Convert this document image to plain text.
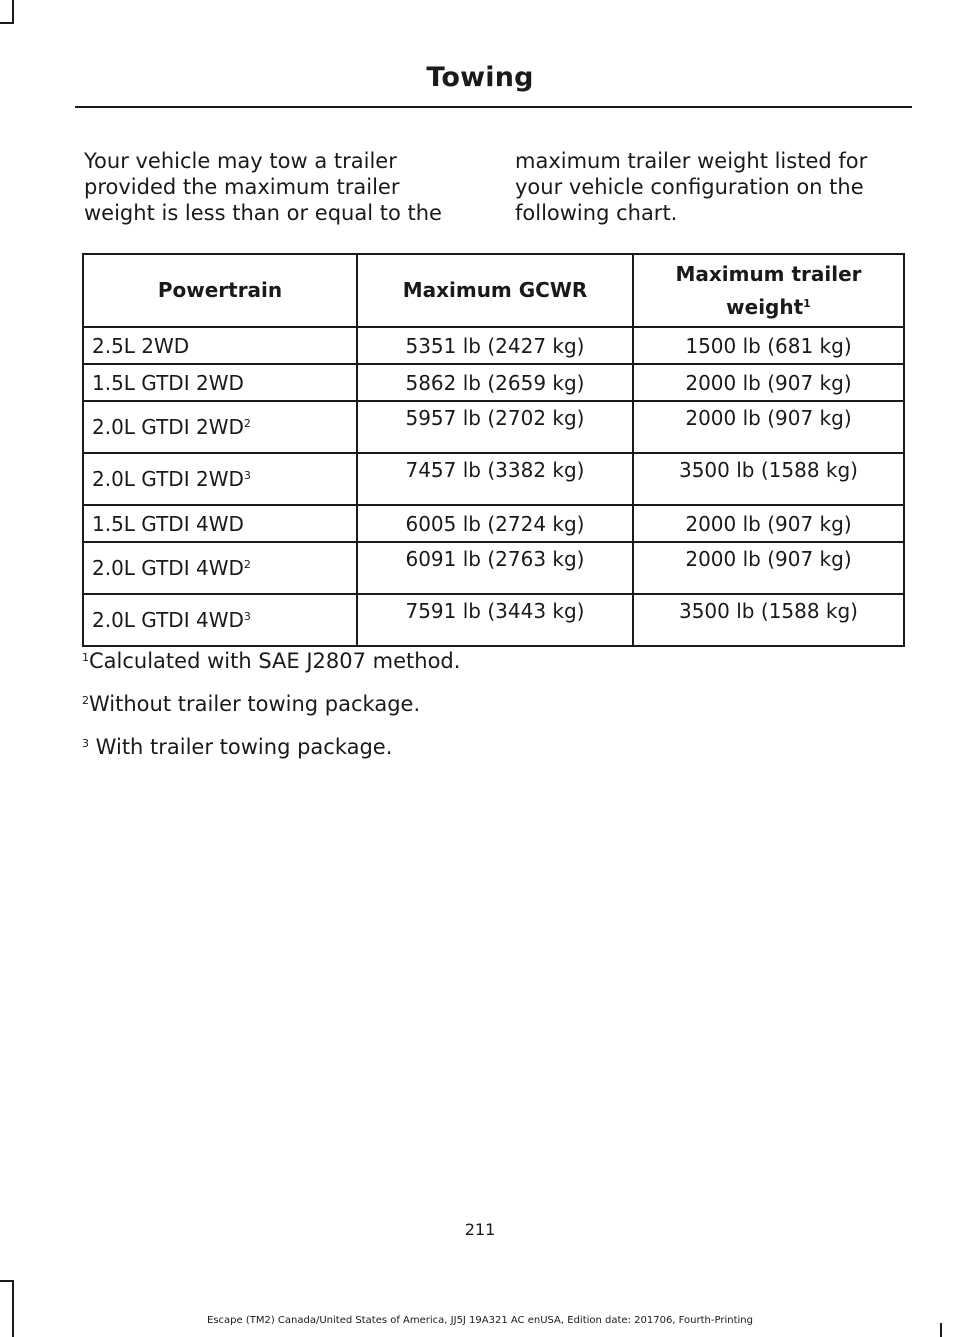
Towing

Your vehicle may tow a trailer provided the maximum trailer weight is less than or equal to the

maximum trailer weight listed for your vehicle configuration on the following chart.

Powertrain	Maximum GCWR	Maximum trailer weight$^1$
2.5L 2WD	5351 lb (2427 kg)	1500 lb (681 kg)
1.5L GTDI 2WD	5862 lb (2659 kg)	2000 lb (907 kg)
2.0L GTDI $2WD^2$	5957 lb (2702 kg)	2000 lb (907 kg)
2.0L GTDI $2WD^3$	7457 lb (3382 kg)	3500 lb (1588 kg)
1.5L GTDI 4WD	6005 lb (2724 kg)	2000 lb (907 kg)
2.0L GTDI $4WD^2$	6091 lb (2763 kg)	2000 lb (907 kg)
2.0L GTDI $4WD^3$	7591 lb (3443 kg)	3500 lb (1588 kg)

$^1$Calculated with SAE J2807 method.

$^2$Without trailer towing package.

$^3$ With trailer towing package.

211
Escape (TM2) Canada/United States of America, JJ5J 19A321 AC enUSA, Edition date: 201706, Fourth-Printing
